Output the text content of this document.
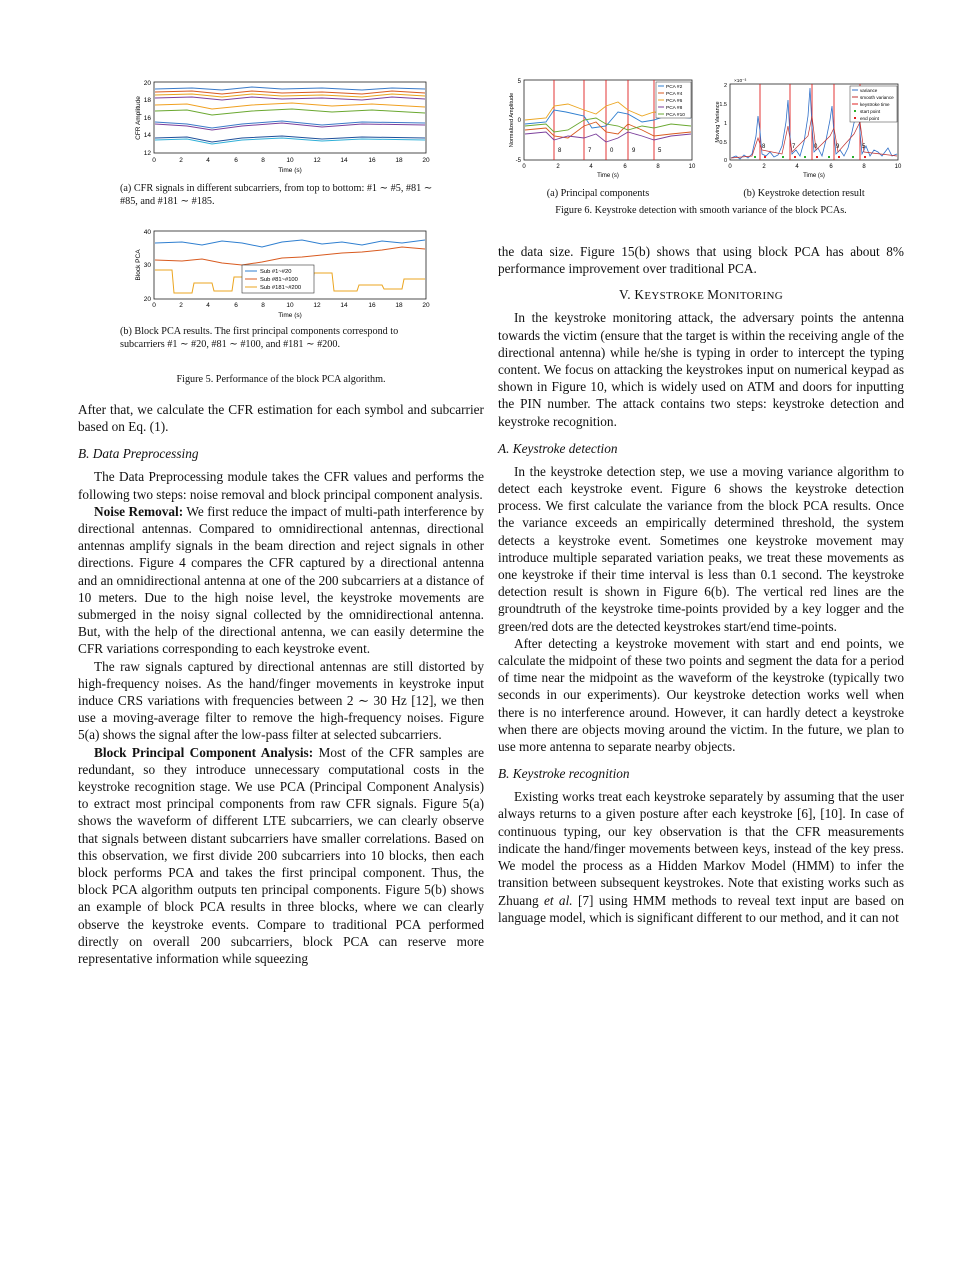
CFR Amplitude
20
18
16
14
12
0	2	4	6	8	10	12	14	16	18	20
Time (s)
(a) CFR signals in different subcarriers, from top to bottom: #1 ∼ #5, #81 ∼ #85, and #181 ∼ #185.
Block PCA
40
30
20
0	2	4	6	8	10	12	14	16	18	20
Time (s)
Sub #1~#20
Sub #81~#100
Sub #181~#200
(b) Block PCA results. The first principal components correspond to subcarriers #1 ∼ #20, #81 ∼ #100, and #181 ∼ #200.
Figure 5. Performance of the block PCA algorithm.

After that, we calculate the CFR estimation for each symbol and subcarrier based on Eq. (1).

B. Data Preprocessing

The Data Preprocessing module takes the CFR values and performs the following two steps: noise removal and block principal component analysis.

Noise Removal: We first reduce the impact of multi-path interference by directional antennas. Compared to omnidirectional antennas, directional antennas amplify signals in the beam direction and reject signals in other directions. Figure 4 compares the CFR captured by a directional antenna and an omnidirectional antenna at one of the 200 subcarriers at a distance of 10 meters. Due to the high noise level, the keystroke movements are submerged in the noisy signal collected by the omnidirectional antenna. But, with the help of the directional antenna, we can easily determine the CFR variations corresponding to each keystroke event.

The raw signals captured by directional antennas are still distorted by high-frequency noises. As the hand/finger movements in keystroke input induce CRS variations with frequencies between 2 ∼ 30 Hz [12], we then use a moving-average filter to remove the high-frequency noises. Figure 5(a) shows the signal after the low-pass filter at selected subcarriers.

Block Principal Component Analysis: Most of the CFR samples are redundant, so they introduce unnecessary computational costs in the keystroke recognition stage. We use PCA (Principal Component Analysis) to extract most principal components from raw CFR signals. Figure 5(a) shows the waveform of different LTE subcarriers, we can clearly observe that signals between distant subcarriers have smaller correlations. Based on this observation, we first divide 200 subcarriers into 10 blocks, then each block performs PCA and takes the first principal component. Thus, the block PCA algorithm outputs ten principal components. Figure 5(b) shows an example of block PCA results in three blocks, where we can clearly observe the keystroke events. Compare to traditional PCA performed directly on overall 200 subcarriers, block PCA can reserve more representative information while squeezing

Normalized Amplitude
5
0
-5
0	2	4	6	8	10
Time (s)
8	7	0	9	5
PCA #2
PCA #4
PCA #6
PCA #8
PCA #10
(a) Principal components
×10⁻³
Moving Variance
2
1.5
1
0.5
0
0	2	4	6	8	10
Time (s)
8	7	0	9	5
variance
smooth variance
keystroke time
start point
end point
(b) Keystroke detection result
Figure 6. Keystroke detection with smooth variance of the block PCAs.

the data size. Figure 15(b) shows that using block PCA has about 8% performance improvement over traditional PCA.

V. KEYSTROKE MONITORING

In the keystroke monitoring attack, the adversary points the antenna towards the victim (ensure that the target is within the receiving angle of the directional antenna) while he/she is typing in order to intercept the typing content. We focus on attacking the keystrokes input on numerical keypad as shown in Figure 10, which is widely used on ATM and doors for inputting the PIN number. The attack contains two steps: keystroke detection and keystroke recognition.

A. Keystroke detection

In the keystroke detection step, we use a moving variance algorithm to detect each keystroke event. Figure 6 shows the keystroke detection process. We first calculate the variance from the block PCA results. Once the variance exceeds an empirically determined threshold, the system detects a keystroke event. Sometimes one keystroke movement may introduce multiple separated variation peaks, we treat these movements as one keystroke if their time interval is less than 0.1 second. The keystroke detection result is shown in Figure 6(b). The vertical red lines are the groundtruth of the keystroke time-points provided by a key logger and the green/red dots are the detected keystrokes start/end time-points.

After detecting a keystroke movement with start and end points, we calculate the midpoint of these two points and segment the data for a period of time near the midpoint as the waveform of the keystroke (typically two seconds in our experiments). Our keystroke detection works well when there is no interference around. However, it can hardly detect a keystroke when there are objects moving around the victim. In the future, we plan to use more antenna to separate nearby objects.

B. Keystroke recognition

Existing works treat each keystroke separately by assuming that the user always returns to a given posture after each keystroke [6], [10]. In case of continuous typing, our key observation is that the CFR measurements indicate the hand/finger movements between keys, instead of the key press. We model the process as a Hidden Markov Model (HMM) to infer the transition between subsequent keystrokes. Note that existing works such as Zhuang et al. [7] using HMM methods to reveal text input are based on language model, which is significant different to our method, and it can not
